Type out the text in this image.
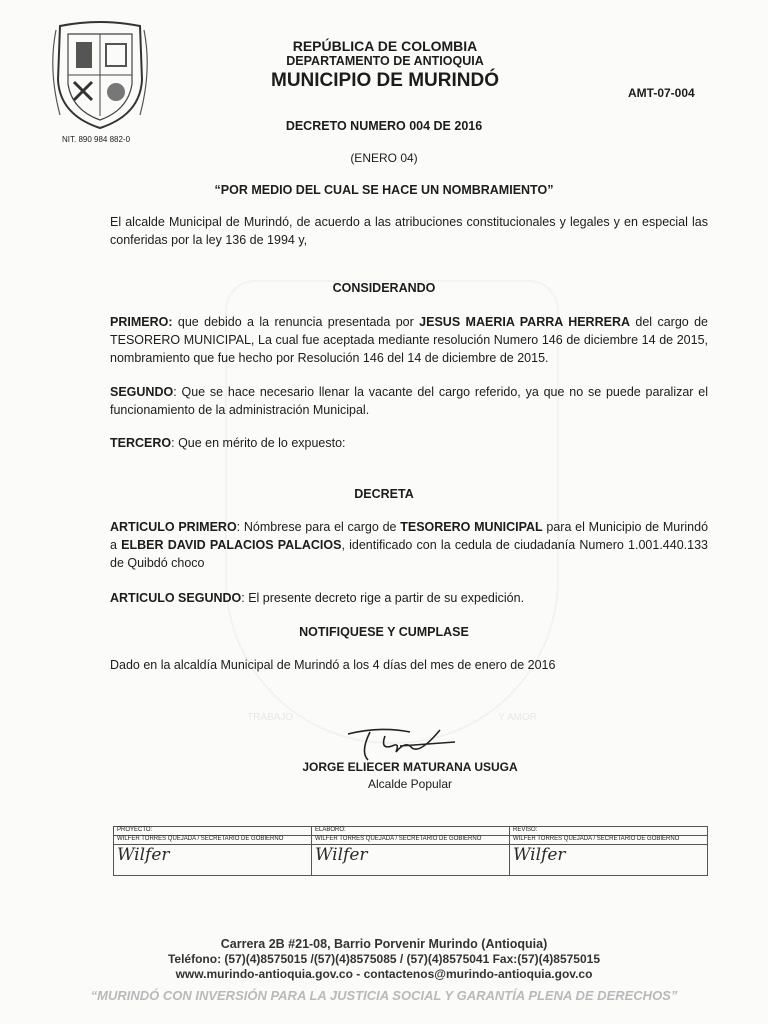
TRABAJO	Y AMOR
NIT. 890 984 882-0
REPÚBLICA DE COLOMBIA
DEPARTAMENTO DE ANTIOQUIA
MUNICIPIO DE MURINDÓ
AMT-07-004
DECRETO NUMERO 004 DE 2016
(ENERO 04)
“POR MEDIO DEL CUAL SE HACE UN NOMBRAMIENTO”
El alcalde Municipal de Murindó, de acuerdo a las atribuciones constitucionales y legales y en especial las conferidas por la ley 136 de 1994 y,
CONSIDERANDO
PRIMERO: que debido a la renuncia presentada por JESUS MAERIA PARRA HERRERA del cargo de TESORERO MUNICIPAL, La cual fue aceptada mediante resolución Numero 146 de diciembre 14 de 2015, nombramiento que fue hecho por Resolución 146 del 14 de diciembre de 2015.
SEGUNDO: Que se hace necesario llenar la vacante del cargo referido, ya que no se puede paralizar el funcionamiento de la administración Municipal.
TERCERO: Que en mérito de lo expuesto:
DECRETA
ARTICULO PRIMERO: Nómbrese para el cargo de TESORERO MUNICIPAL para el Municipio de Murindó a ELBER DAVID PALACIOS PALACIOS, identificado con la cedula de ciudadanía Numero 1.001.440.133 de Quibdó choco
ARTICULO SEGUNDO: El presente decreto rige a partir de su expedición.
NOTIFIQUESE Y CUMPLASE
Dado en la alcaldía Municipal de Murindó a los 4 días del mes de enero de 2016
JORGE ELIECER MATURANA USUGA
Alcalde Popular
PROYECTO:	ELABORO:	REVISO:
WILFER TORRES QUEJADA / SECRETARIO DE GOBIERNO	WILFER TORRES QUEJADA / SECRETARIO DE GOBIERNO	WILFER TORRES QUEJADA / SECRETARIO DE GOBIERNO
Wilfer	Wilfer	Wilfer
Carrera 2B #21-08, Barrio Porvenir Murindo (Antioquia)
Teléfono: (57)(4)8575015 /(57)(4)8575085 / (57)(4)8575041 Fax:(57)(4)8575015
www.murindo-antioquia.gov.co - contactenos@murindo-antioquia.gov.co
“MURINDÓ CON INVERSIÓN PARA LA JUSTICIA SOCIAL Y GARANTÍA PLENA DE DERECHOS”
